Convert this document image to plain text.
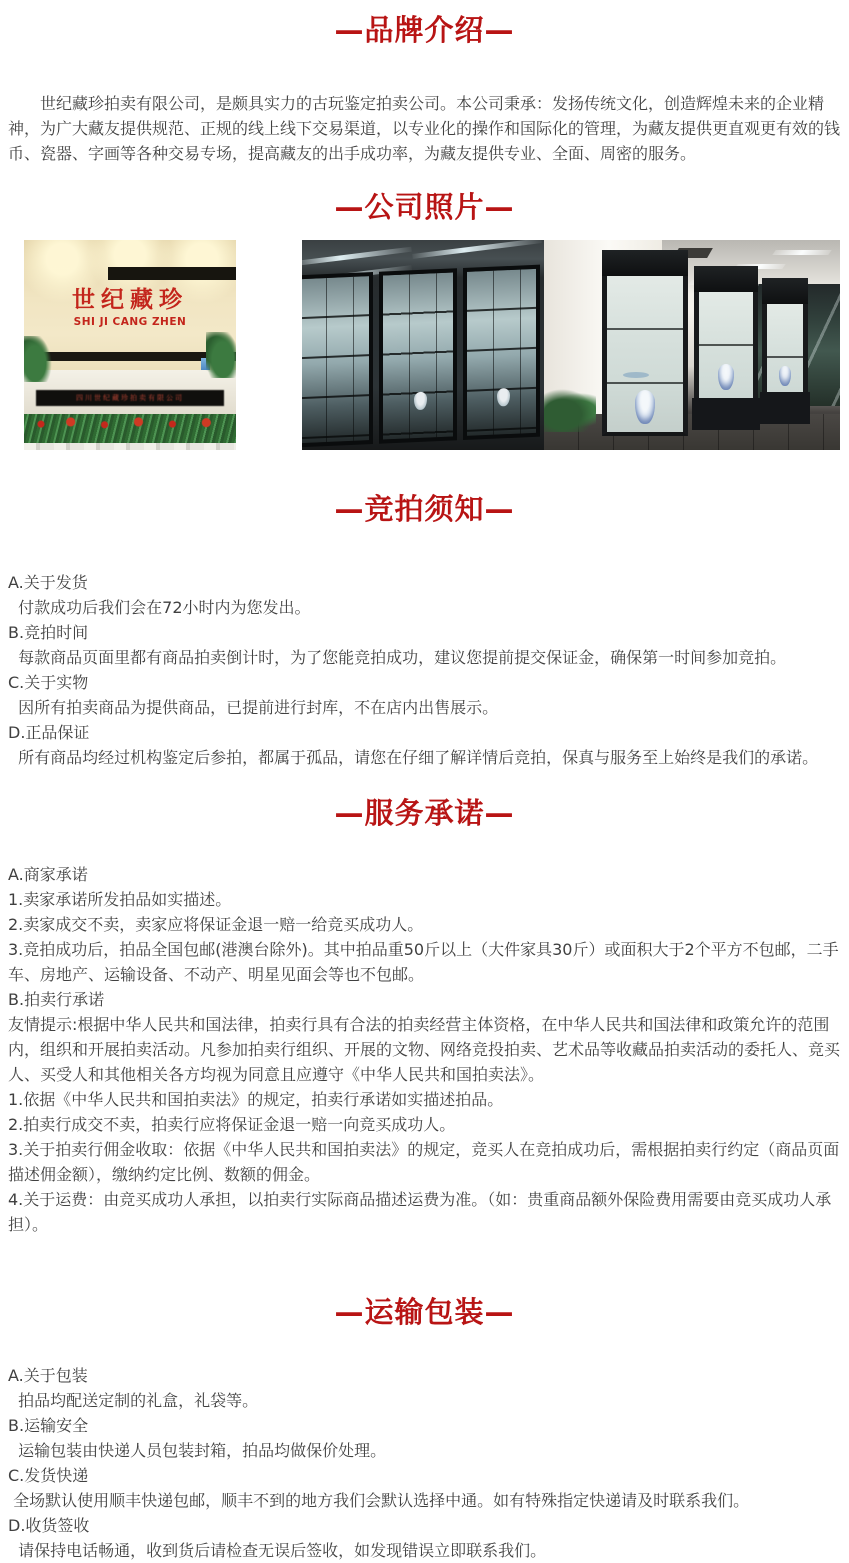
—品牌介绍—

　　世纪藏珍拍卖有限公司，是颇具实力的古玩鉴定拍卖公司。本公司秉承：发扬传统文化，创造辉煌未来的企业精神，为广大藏友提供规范、正规的线上线下交易渠道，以专业化的操作和国际化的管理，为藏友提供更直观更有效的钱币、瓷器、字画等各种交易专场，提高藏友的出手成功率，为藏友提供专业、全面、周密的服务。

—公司照片—
世纪藏珍
SHI JI CANG ZHEN
四川世纪藏珍拍卖有限公司
—竞拍须知—
A.关于发货
付款成功后我们会在72小时内为您发出。
B.竞拍时间
每款商品页面里都有商品拍卖倒计时，为了您能竞拍成功，建议您提前提交保证金，确保第一时间参加竞拍。
C.关于实物
因所有拍卖商品为提供商品，已提前进行封库，不在店内出售展示。
D.正品保证
所有商品均经过机构鉴定后参拍，都属于孤品，请您在仔细了解详情后竞拍，保真与服务至上始终是我们的承诺。
—服务承诺—
A.商家承诺
1.卖家承诺所发拍品如实描述。
2.卖家成交不卖，卖家应将保证金退一赔一给竞买成功人。
3.竞拍成功后，拍品全国包邮(港澳台除外)。其中拍品重50斤以上（大件家具30斤）或面积大于2个平方不包邮，二手车、房地产、运输设备、不动产、明星见面会等也不包邮。
B.拍卖行承诺
友情提示:根据中华人民共和国法律，拍卖行具有合法的拍卖经营主体资格，在中华人民共和国法律和政策允许的范围内，组织和开展拍卖活动。凡参加拍卖行组织、开展的文物、网络竞投拍卖、艺术品等收藏品拍卖活动的委托人、竞买人、买受人和其他相关各方均视为同意且应遵守《中华人民共和国拍卖法》。
1.依据《中华人民共和国拍卖法》的规定，拍卖行承诺如实描述拍品。
2.拍卖行成交不卖，拍卖行应将保证金退一赔一向竞买成功人。
3.关于拍卖行佣金收取：依据《中华人民共和国拍卖法》的规定，竞买人在竞拍成功后，需根据拍卖行约定（商品页面描述佣金额），缴纳约定比例、数额的佣金。
4.关于运费：由竞买成功人承担，以拍卖行实际商品描述运费为准。（如：贵重商品额外保险费用需要由竞买成功人承担）。
—运输包装—
A.关于包装
拍品均配送定制的礼盒，礼袋等。
B.运输安全
运输包装由快递人员包装封箱，拍品均做保价处理。
C.发货快递
全场默认使用顺丰快递包邮，顺丰不到的地方我们会默认选择中通。如有特殊指定快递请及时联系我们。
D.收货签收
请保持电话畅通，收到货后请检查无误后签收，如发现错误立即联系我们。
